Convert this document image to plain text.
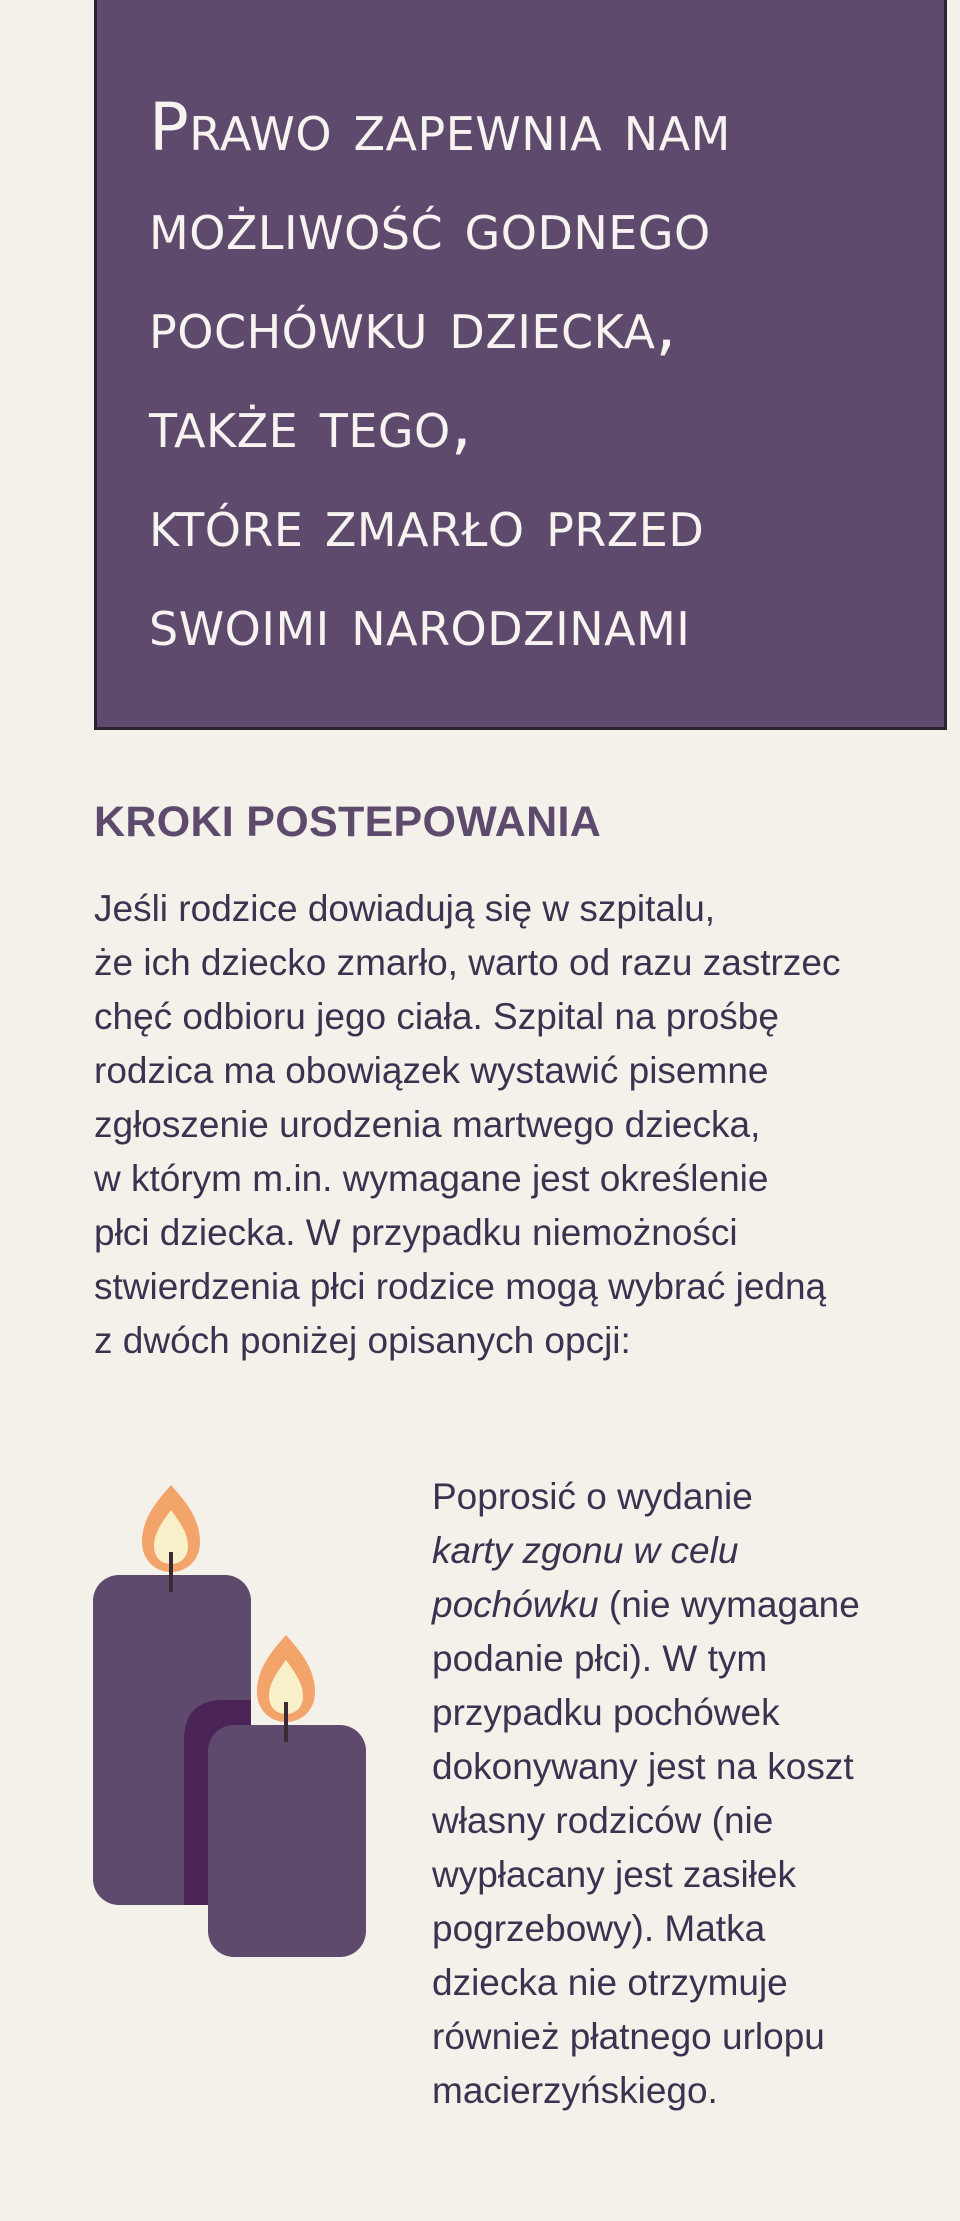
Prawo zapewnia nam
możliwość godnego
pochówku dziecka,
także tego,
które zmarło przed
swoimi narodzinami
KROKI POSTEPOWANIA

Jeśli rodzice dowiadują się w szpitalu,
że ich dziecko zmarło, warto od razu zastrzec
chęć odbioru jego ciała. Szpital na prośbę
rodzica ma obowiązek wystawić pisemne
zgłoszenie urodzenia martwego dziecka,
w którym m.in. wymagane jest określenie
płci dziecka. W przypadku niemożności
stwierdzenia płci rodzice mogą wybrać jedną
z dwóch poniżej opisanych opcji:

Poprosić o wydanie
karty zgonu w celu
pochówku (nie wymagane
podanie płci). W tym
przypadku pochówek
dokonywany jest na koszt
własny rodziców (nie
wypłacany jest zasiłek
pogrzebowy). Matka
dziecka nie otrzymuje
również płatnego urlopu
macierzyńskiego.
